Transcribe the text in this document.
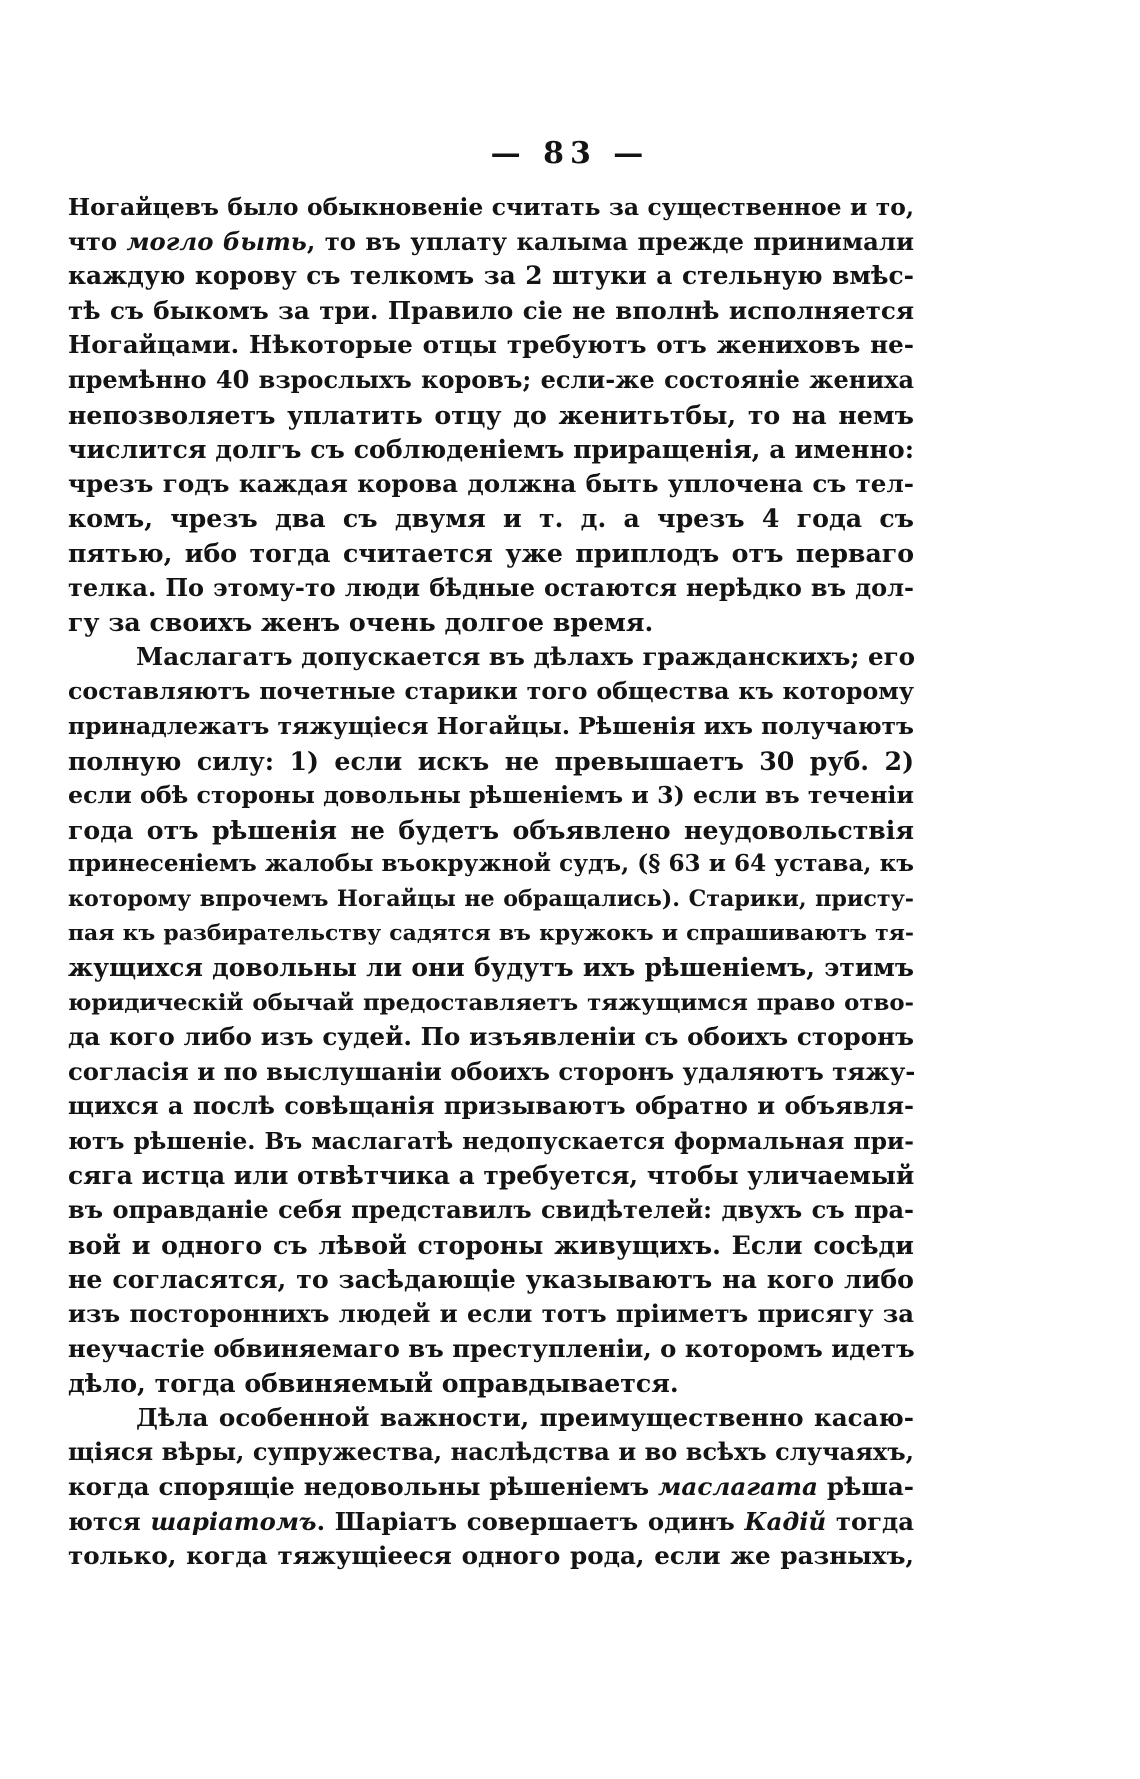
— 83 —
Ногайцевъ было обыкновеніе считать за существенное и то,
что могло быть, то въ уплату калыма прежде принимали
каждую корову съ телкомъ за 2 штуки а стельную вмѣс-
тѣ съ быкомъ за три. Правило сіе не вполнѣ исполняется
Ногайцами. Нѣкоторые отцы требуютъ отъ жениховъ не-
премѣнно 40 взрослыхъ коровъ; если-же состояніе жениха
непозволяетъ уплатить отцу до женитьтбы, то на немъ
числится долгъ съ соблюденіемъ приращенія, а именно:
чрезъ годъ каждая корова должна быть уплочена съ тел-
комъ, чрезъ два съ двумя и т. д. а чрезъ 4 года съ
пятью, ибо тогда считается уже приплодъ отъ перваго
телка. По этому-то люди бѣдные остаются нерѣдко въ дол-
гу за своихъ женъ очень долгое время.
Маслагатъ допускается въ дѣлахъ гражданскихъ; его
составляютъ почетные старики того общества къ которому
принадлежатъ тяжущіеся Ногайцы. Рѣшенія ихъ получаютъ
полную силу: 1) если искъ не превышаетъ 30 руб. 2)
если обѣ стороны довольны рѣшеніемъ и 3) если въ теченіи
года отъ рѣшенія не будетъ объявлено неудовольствія
принесеніемъ жалобы въокружной судъ, (§ 63 и 64 устава, къ
которому впрочемъ Ногайцы не обращались). Старики, присту-
пая къ разбирательству садятся въ кружокъ и спрашиваютъ тя-
жущихся довольны ли они будутъ ихъ рѣшеніемъ, этимъ
юридическій обычай предоставляетъ тяжущимся право отво-
да кого либо изъ судей. По изъявленіи съ обоихъ сторонъ
согласія и по выслушаніи обоихъ сторонъ удаляютъ тяжу-
щихся а послѣ совѣщанія призываютъ обратно и объявля-
ютъ рѣшеніе. Въ маслагатѣ недопускается формальная при-
сяга истца или отвѣтчика а требуется, чтобы уличаемый
въ оправданіе себя представилъ свидѣтелей: двухъ съ пра-
вой и одного съ лѣвой стороны живущихъ. Если сосѣди
не согласятся, то засѣдающіе указываютъ на кого либо
изъ постороннихъ людей и если тотъ пріиметъ присягу за
неучастіе обвиняемаго въ преступленіи, о которомъ идетъ
дѣло, тогда обвиняемый оправдывается.
Дѣла особенной важности, преимущественно касаю-
щіяся вѣры, супружества, наслѣдства и во всѣхъ случаяхъ,
когда спорящіе недовольны рѣшеніемъ маслагата рѣша-
ются шаріатомъ. Шаріатъ совершаетъ одинъ Кадій тогда
только, когда тяжущіееся одного рода, если же разныхъ,
